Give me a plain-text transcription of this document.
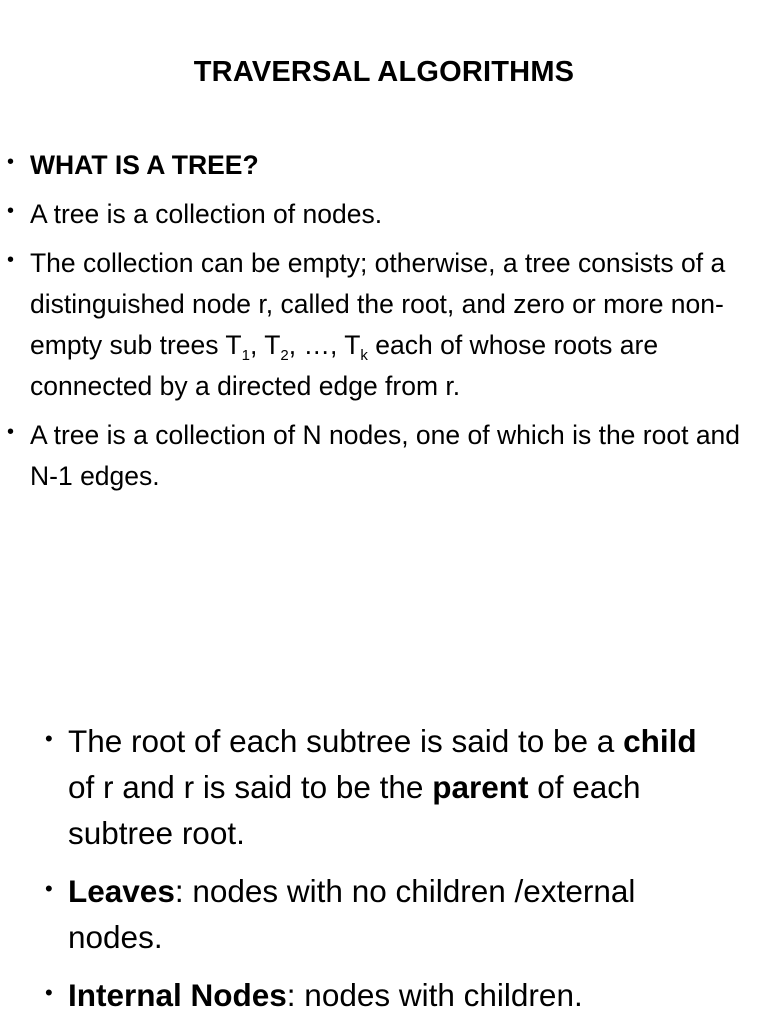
TRAVERSAL ALGORITHMS
• WHAT IS A TREE?
• A tree is a collection of nodes.
• The collection can be empty; otherwise, a tree consists of a distinguished node r, called the root, and zero or more non-empty sub trees $T_1$, $T_2$, …, $T_k$ each of whose roots are connected by a directed edge from r.
• A tree is a collection of N nodes, one of which is the root and N-1 edges.
• The root of each subtree is said to be a child of r and r is said to be the parent of each subtree root.
• Leaves: nodes with no children /external nodes.
• Internal Nodes: nodes with children.
